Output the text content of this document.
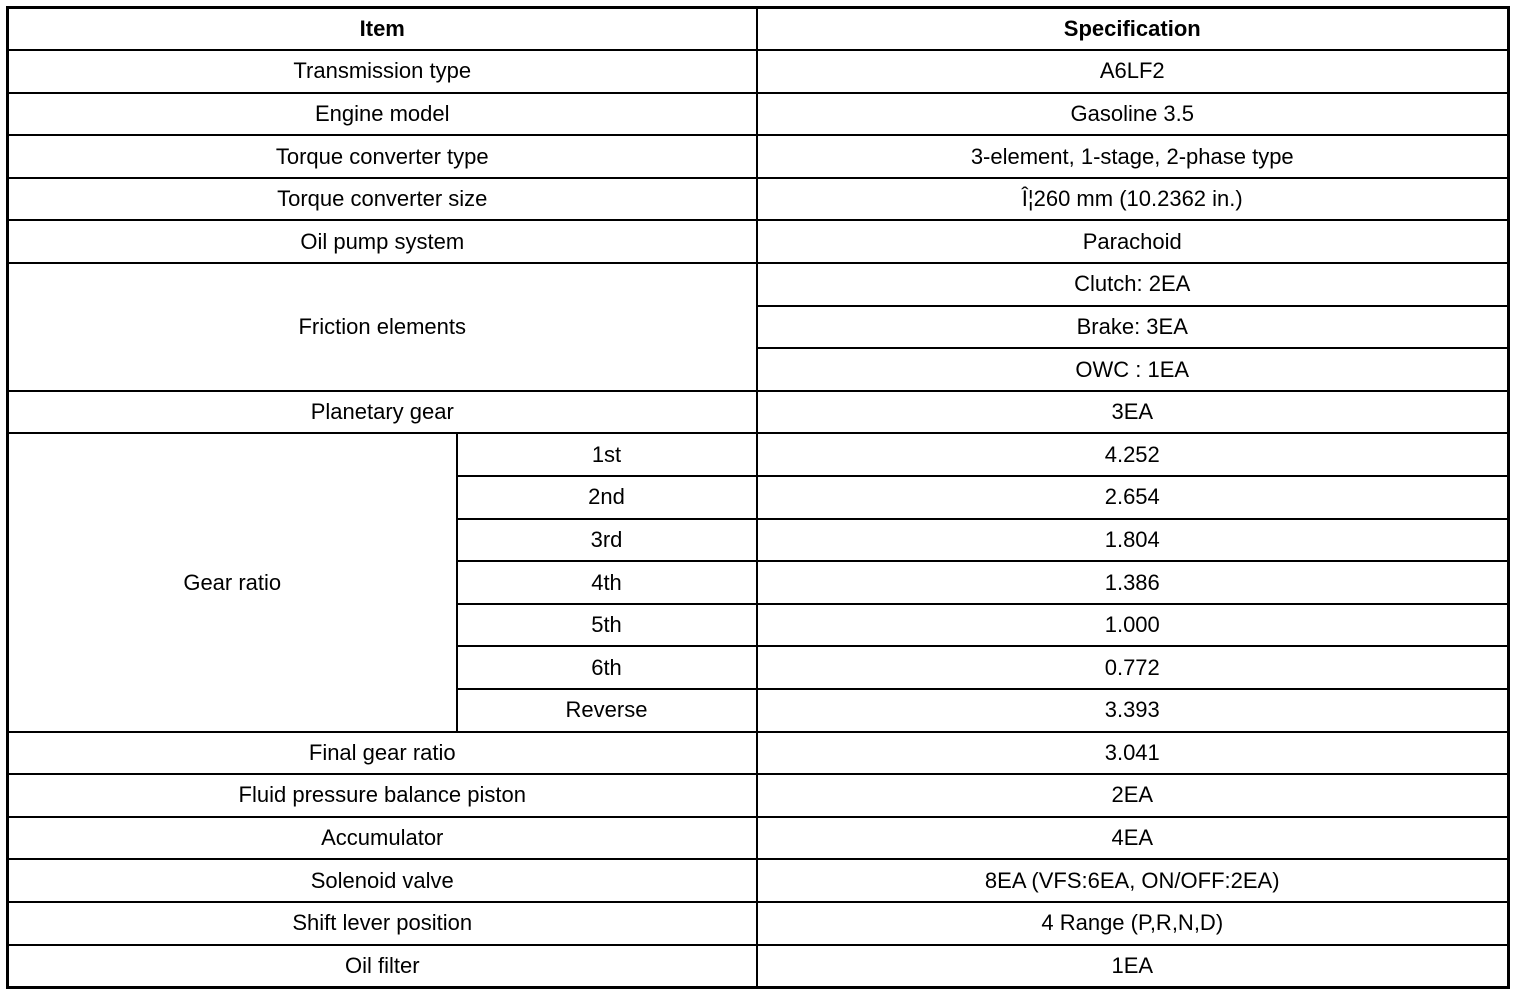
Item		Specification
Transmission type		A6LF2
Engine model		Gasoline 3.5
Torque converter type		3-element, 1-stage, 2-phase type
Torque converter size		Î¦260 mm (10.2362 in.)
Oil pump system		Parachoid
Friction elements		Clutch: 2EA
		Brake: 3EA
		OWC : 1EA
Planetary gear		3EA
Gear ratio	1st	4.252
	2nd	2.654
	3rd	1.804
	4th	1.386
	5th	1.000
	6th	0.772
	Reverse	3.393
Final gear ratio		3.041
Fluid pressure balance piston		2EA
Accumulator		4EA
Solenoid valve		8EA (VFS:6EA, ON/OFF:2EA)
Shift lever position		4 Range (P,R,N,D)
Oil filter		1EA
